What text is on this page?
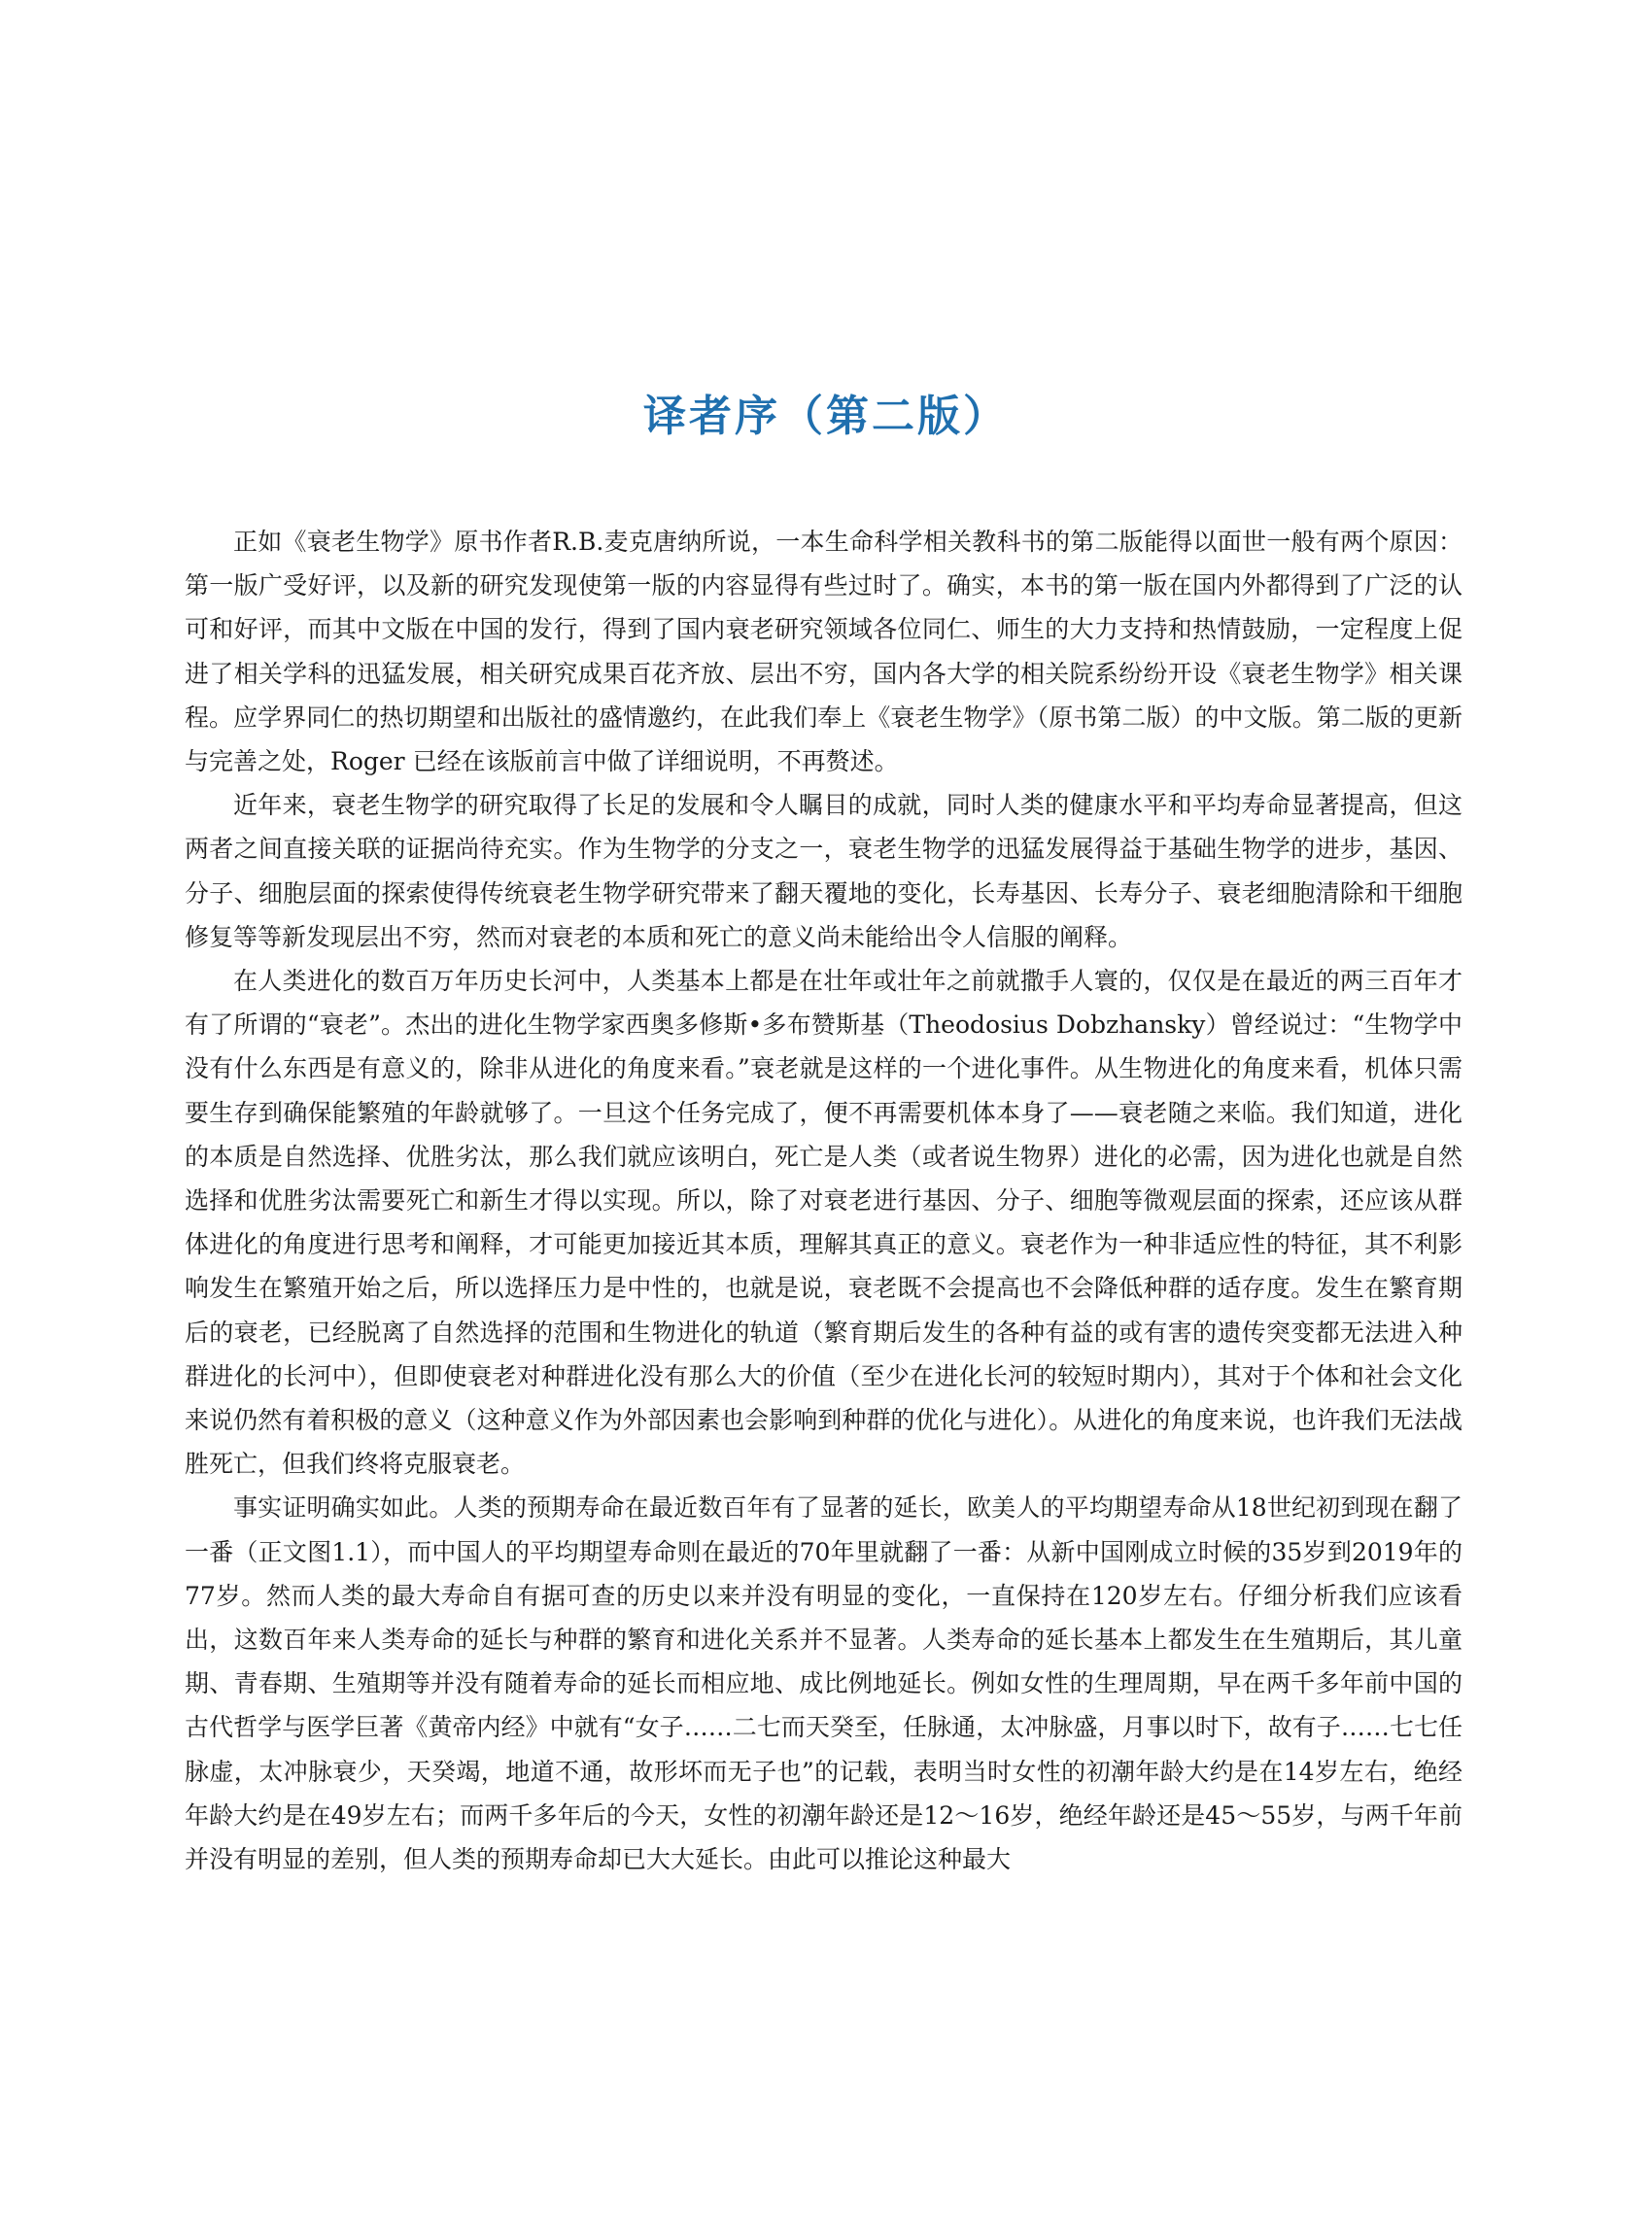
译者序（第二版）

正如《衰老生物学》原书作者R.B.麦克唐纳所说，一本生命科学相关教科书的第二版能得以面世一般有两个原因：第一版广受好评，以及新的研究发现使第一版的内容显得有些过时了。确实，本书的第一版在国内外都得到了广泛的认可和好评，而其中文版在中国的发行，得到了国内衰老研究领域各位同仁、师生的大力支持和热情鼓励，一定程度上促进了相关学科的迅猛发展，相关研究成果百花齐放、层出不穷，国内各大学的相关院系纷纷开设《衰老生物学》相关课程。应学界同仁的热切期望和出版社的盛情邀约，在此我们奉上《衰老生物学》（原书第二版）的中文版。第二版的更新与完善之处，Roger 已经在该版前言中做了详细说明，不再赘述。

近年来，衰老生物学的研究取得了长足的发展和令人瞩目的成就，同时人类的健康水平和平均寿命显著提高，但这两者之间直接关联的证据尚待充实。作为生物学的分支之一，衰老生物学的迅猛发展得益于基础生物学的进步，基因、分子、细胞层面的探索使得传统衰老生物学研究带来了翻天覆地的变化，长寿基因、长寿分子、衰老细胞清除和干细胞修复等等新发现层出不穷，然而对衰老的本质和死亡的意义尚未能给出令人信服的阐释。

在人类进化的数百万年历史长河中，人类基本上都是在壮年或壮年之前就撒手人寰的，仅仅是在最近的两三百年才有了所谓的“衰老”。杰出的进化生物学家西奥多修斯•多布赞斯基（Theodosius Dobzhansky）曾经说过：“生物学中没有什么东西是有意义的，除非从进化的角度来看。”衰老就是这样的一个进化事件。从生物进化的角度来看，机体只需要生存到确保能繁殖的年龄就够了。一旦这个任务完成了，便不再需要机体本身了——衰老随之来临。我们知道，进化的本质是自然选择、优胜劣汰，那么我们就应该明白，死亡是人类（或者说生物界）进化的必需，因为进化也就是自然选择和优胜劣汰需要死亡和新生才得以实现。所以，除了对衰老进行基因、分子、细胞等微观层面的探索，还应该从群体进化的角度进行思考和阐释，才可能更加接近其本质，理解其真正的意义。衰老作为一种非适应性的特征，其不利影响发生在繁殖开始之后，所以选择压力是中性的，也就是说，衰老既不会提高也不会降低种群的适存度。发生在繁育期后的衰老，已经脱离了自然选择的范围和生物进化的轨道（繁育期后发生的各种有益的或有害的遗传突变都无法进入种群进化的长河中），但即使衰老对种群进化没有那么大的价值（至少在进化长河的较短时期内），其对于个体和社会文化来说仍然有着积极的意义（这种意义作为外部因素也会影响到种群的优化与进化）。从进化的角度来说，也许我们无法战胜死亡，但我们终将克服衰老。

事实证明确实如此。人类的预期寿命在最近数百年有了显著的延长，欧美人的平均期望寿命从18世纪初到现在翻了一番（正文图1.1），而中国人的平均期望寿命则在最近的70年里就翻了一番：从新中国刚成立时候的35岁到2019年的77岁。然而人类的最大寿命自有据可查的历史以来并没有明显的变化，一直保持在120岁左右。仔细分析我们应该看出，这数百年来人类寿命的延长与种群的繁育和进化关系并不显著。人类寿命的延长基本上都发生在生殖期后，其儿童期、青春期、生殖期等并没有随着寿命的延长而相应地、成比例地延长。例如女性的生理周期，早在两千多年前中国的古代哲学与医学巨著《黄帝内经》中就有“女子……二七而天癸至，任脉通，太冲脉盛，月事以时下，故有子……七七任脉虚，太冲脉衰少，天癸竭，地道不通，故形坏而无子也”的记载，表明当时女性的初潮年龄大约是在14岁左右，绝经年龄大约是在49岁左右；而两千多年后的今天，女性的初潮年龄还是12～16岁，绝经年龄还是45～55岁，与两千年前并没有明显的差别，但人类的预期寿命却已大大延长。由此可以推论这种最大
